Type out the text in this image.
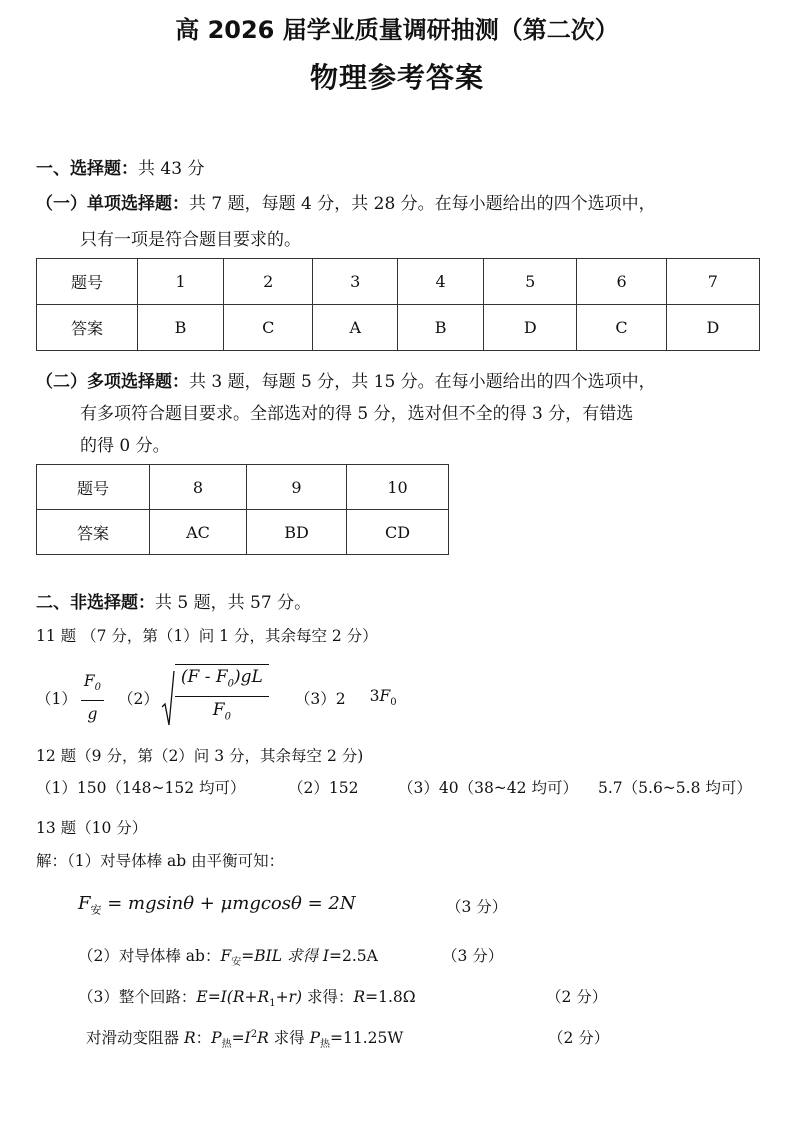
高 2026 届学业质量调研抽测（第二次）
物理参考答案
一、选择题：共 43 分
（一）单项选择题：共 7 题，每题 4 分，共 28 分。在每小题给出的四个选项中，
只有一项是符合题目要求的。
题号	1	2	3	4	5	6	7
答案	B	C	A	B	D	C	D
（二）多项选择题：共 3 题，每题 5 分，共 15 分。在每小题给出的四个选项中，
有多项符合题目要求。全部选对的得 5 分，选对但不全的得 3 分，有错选
的得 0 分。
题号	8	9	10
答案	AC	BD	CD
二、非选择题：共 5 题，共 57 分。
11 题 （7 分，第（1）问 1 分，其余每空 2 分）
$(1) \frac{F_0}{g} (2) \frac{(F - F_0)gL}{F_0} (3)2$ $3F_0$
12 题（9 分，第（2）问 3 分，其余每空 2 分)
（1）150（148~152 均可）	（2）152	（3）40（38~42 均可） 5.7（5.6~5.8 均可）
13 题（10 分）
解：（1）对导体棒 ab 由平衡可知：
$F_安 = mgsin\theta + \mu mgcos\theta = 2N$	（3 分）
（2）对导体棒 ab：$F_安=BIL$ 求得 I=2.5A	（3 分）
（3）整个回路：$E=I(R+R_1+r)$ 求得：R=1.8Ω	（2 分）
对滑动变阻器 R：$P_热=I^2R$ 求得 $P_热=11.25W$	（2 分）
